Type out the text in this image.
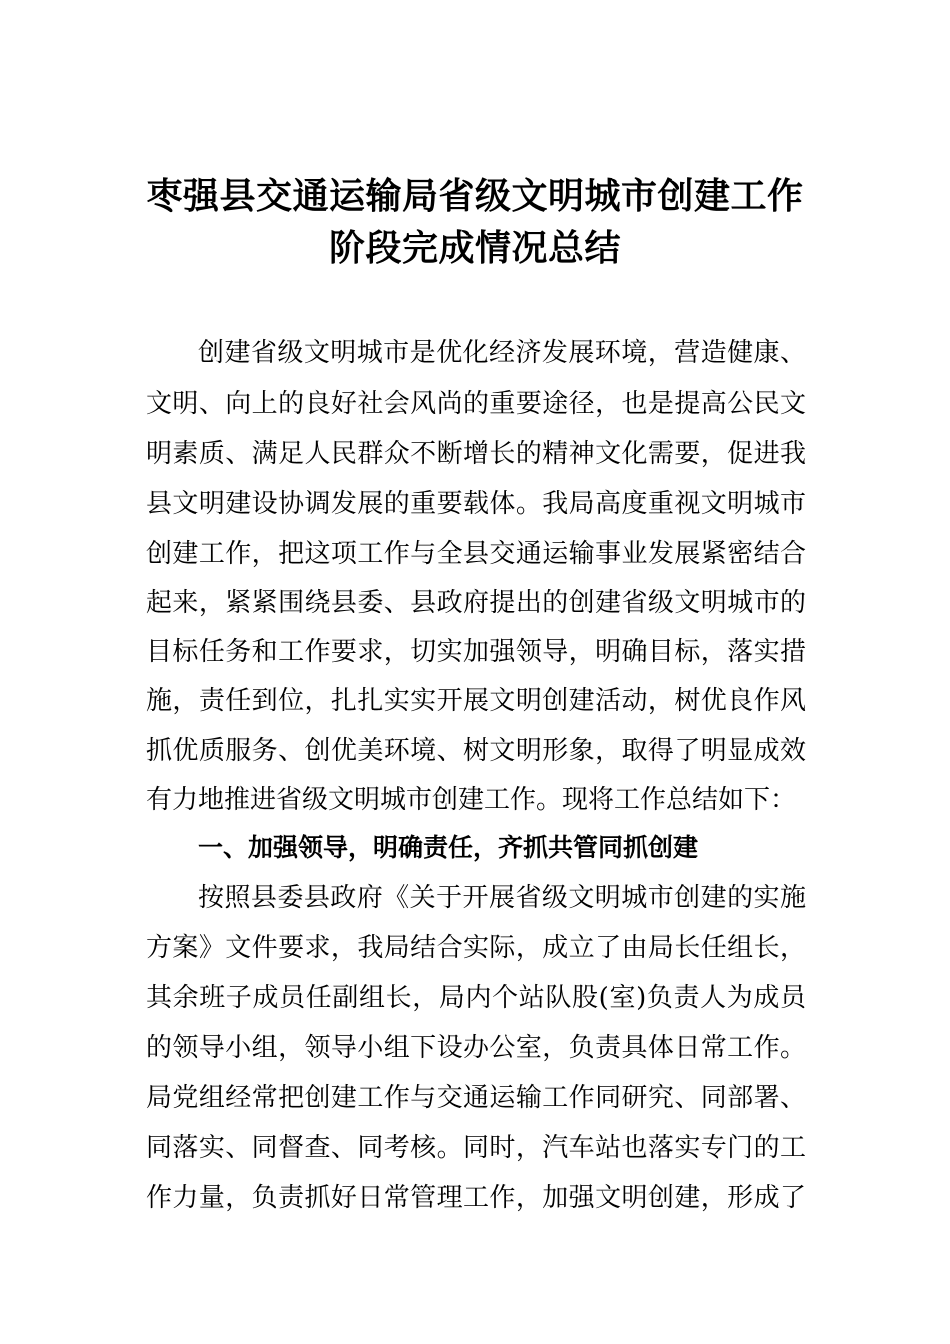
枣强县交通运输局省级文明城市创建工作
阶段完成情况总结
创建省级文明城市是优化经济发展环境，营造健康、
文明、向上的良好社会风尚的重要途径，也是提高公民文
明素质、满足人民群众不断增长的精神文化需要，促进我
县文明建设协调发展的重要载体。我局高度重视文明城市
创建工作，把这项工作与全县交通运输事业发展紧密结合
起来，紧紧围绕县委、县政府提出的创建省级文明城市的
目标任务和工作要求，切实加强领导，明确目标，落实措
施，责任到位，扎扎实实开展文明创建活动，树优良作风
抓优质服务、创优美环境、树文明形象，取得了明显成效
有力地推进省级文明城市创建工作。现将工作总结如下：
一、加强领导，明确责任，齐抓共管同抓创建
按照县委县政府《关于开展省级文明城市创建的实施
方案》文件要求，我局结合实际，成立了由局长任组长，
其余班子成员任副组长，局内个站队股(室)负责人为成员
的领导小组，领导小组下设办公室，负责具体日常工作。
局党组经常把创建工作与交通运输工作同研究、同部署、
同落实、同督查、同考核。同时，汽车站也落实专门的工
作力量，负责抓好日常管理工作，加强文明创建，形成了
